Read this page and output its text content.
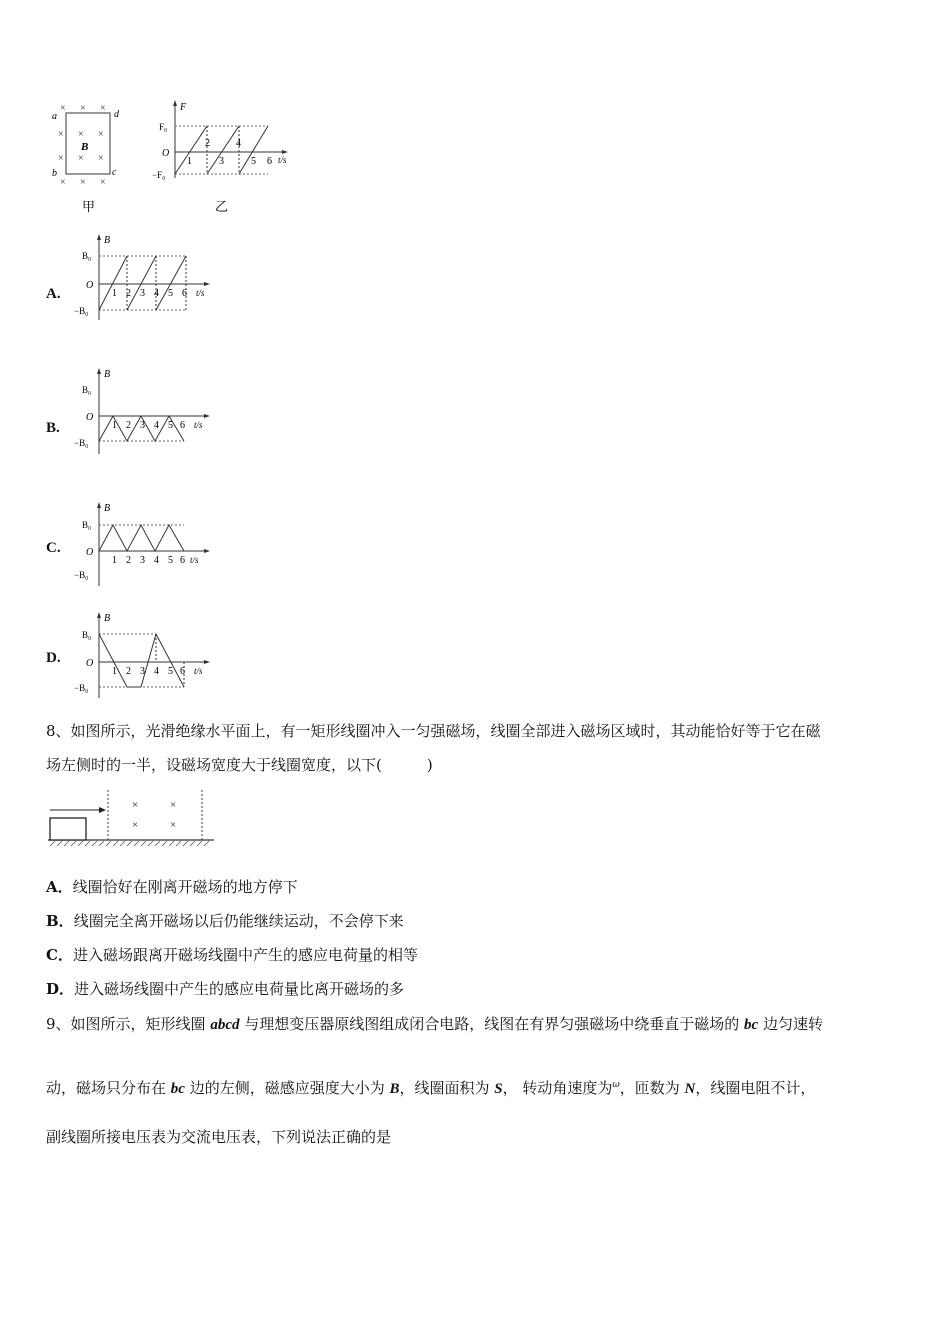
× × ×
× × ×
× × ×
× × ×
a	d
b	c
B
甲
F
F₀
O
−F₀
1
2
3
4
5 6 t/s
乙
A.
B
B₀
O
−B₀
1 2 3 4 5 6 t/s
B.
B
B₀
O
−B₀
1 2 3 4 5 6 t/s
C.
B
B₀
O
−B₀
1 2 3 4 5 6 t/s
D.
B
B₀
O
−B₀
1 2 3 4 5 6 t/s
8、如图所示，光滑绝缘水平面上，有一矩形线圈冲入一匀强磁场，线圈全部进入磁场区域时，其动能恰好等于它在磁
场左侧时的一半，设磁场宽度大于线圈宽度，以下(　　　)
×	×
×	×
A．线圈恰好在刚离开磁场的地方停下
B．线圈完全离开磁场以后仍能继续运动，不会停下来
C．进入磁场跟离开磁场线圈中产生的感应电荷量的相等
D．进入磁场线圈中产生的感应电荷量比离开磁场的多
9、如图所示，矩形线圈 abcd 与理想变压器原线图组成闭合电路，线图在有界匀强磁场中绕垂直于磁场的 bc 边匀速转
动，磁场只分布在 bc 边的左侧，磁感应强度大小为 B，线圈面积为 S， 转动角速度为$^\omega$，匝数为 N，线圈电阻不计，
副线圈所接电压表为交流电压表，下列说法正确的是
